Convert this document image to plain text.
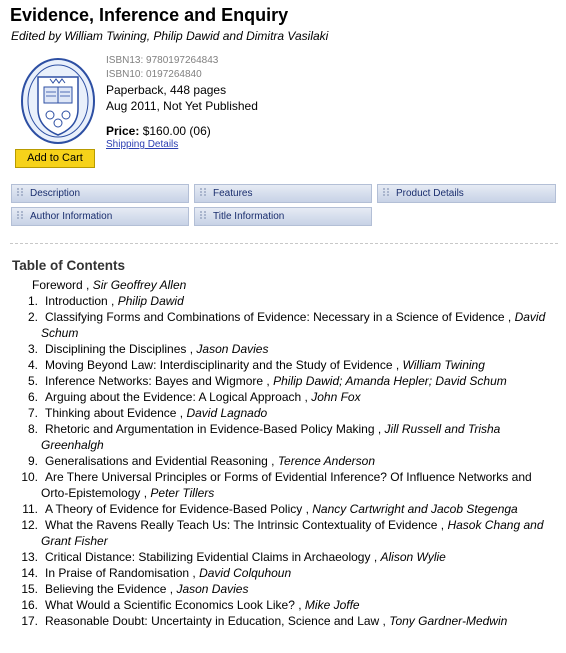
Evidence, Inference and Enquiry
Edited by William Twining, Philip Dawid and Dimitra Vasilaki
ISBN13: 9780197264843
ISBN10: 0197264840
Paperback, 448 pages
Aug 2011, Not Yet Published
Price: $160.00 (06)
Shipping Details
Add to Cart
Description	Features	Product Details
Author Information	Title Information
Table of Contents
Foreword , Sir Geoffrey Allen
1. Introduction , Philip Dawid
2. Classifying Forms and Combinations of Evidence: Necessary in a Science of Evidence , David Schum
3. Disciplining the Disciplines , Jason Davies
4. Moving Beyond Law: Interdisciplinarity and the Study of Evidence , William Twining
5. Inference Networks: Bayes and Wigmore , Philip Dawid; Amanda Hepler; David Schum
6. Arguing about the Evidence: A Logical Approach , John Fox
7. Thinking about Evidence , David Lagnado
8. Rhetoric and Argumentation in Evidence-Based Policy Making , Jill Russell and Trisha Greenhalgh
9. Generalisations and Evidential Reasoning , Terence Anderson
10. Are There Universal Principles or Forms of Evidential Inference? Of Influence Networks and Orto-Epistemology , Peter Tillers
11. A Theory of Evidence for Evidence-Based Policy , Nancy Cartwright and Jacob Stegenga
12. What the Ravens Really Teach Us: The Intrinsic Contextuality of Evidence , Hasok Chang and Grant Fisher
13. Critical Distance: Stabilizing Evidential Claims in Archaeology , Alison Wylie
14. In Praise of Randomisation , David Colquhoun
15. Believing the Evidence , Jason Davies
16. What Would a Scientific Economics Look Like? , Mike Joffe
17. Reasonable Doubt: Uncertainty in Education, Science and Law , Tony Gardner-Medwin
